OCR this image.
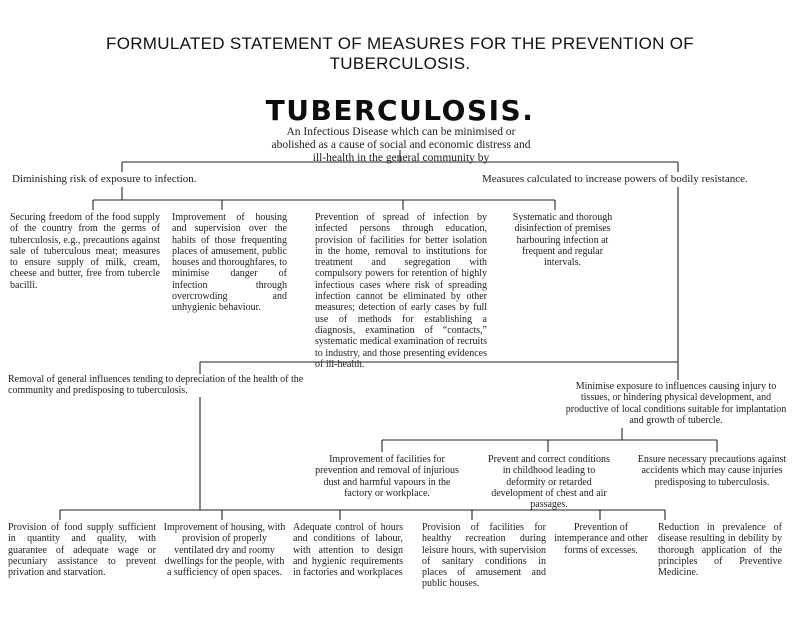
FORMULATED STATEMENT OF MEASURES FOR THE PREVENTION OF
TUBERCULOSIS.
TUBERCULOSIS.
An Infectious Disease which can be minimised or abolished as a cause of social and economic distress and ill-health in the general community by
Diminishing risk of exposure to infection.	Measures calculated to increase powers of bodily resistance.
Securing freedom of the food supply of the country from the germs of tuberculosis, e.g., precautions against sale of tuberculous meat; measures to ensure supply of milk, cream, cheese and butter, free from tubercle bacilli.
Improvement of housing and supervision over the habits of those frequenting places of amusement, public houses and thoroughfares, to minimise danger of infection through overcrowding and unhygienic behaviour.
Prevention of spread of infection by infected persons through education, provision of facilities for better isolation in the home, removal to institutions for treatment and segregation with compulsory powers for retention of highly infectious cases where risk of spreading infection cannot be eliminated by other measures; detection of early cases by full use of methods for establishing a diagnosis, examination of “contacts,” systematic medical examination of recruits to industry, and those presenting evidences of ill-health.
Systematic and thorough disinfection of premises harbouring infection at frequent and regular intervals.
Removal of general influences tending to depreciation of the health of the community and predisposing to tuberculosis.	Minimise exposure to influences causing injury to tissues, or hindering physical development, and productive of local conditions suitable for implantation and growth of tubercle.
Improvement of facilities for prevention and removal of injurious dust and harmful vapours in the factory or workplace.
Prevent and correct conditions in childhood leading to deformity or retarded development of chest and air passages.
Ensure necessary precautions against accidents which may cause injuries predisposing to tuberculosis.
Provision of food supply sufficient in quantity and quality, with guarantee of adequate wage or pecuniary assistance to prevent privation and starvation.
Improvement of housing, with provision of properly ventilated dry and roomy dwellings for the people, with a sufficiency of open spaces.
Adequate control of hours and conditions of labour, with attention to design and hygienic requirements in factories and workplaces
Provision of facilities for healthy recreation during leisure hours, with supervision of sanitary conditions in places of amusement and public houses.
Prevention of intemperance and other forms of excesses.
Reduction in prevalence of disease resulting in debility by thorough application of the principles of Preventive Medicine.
